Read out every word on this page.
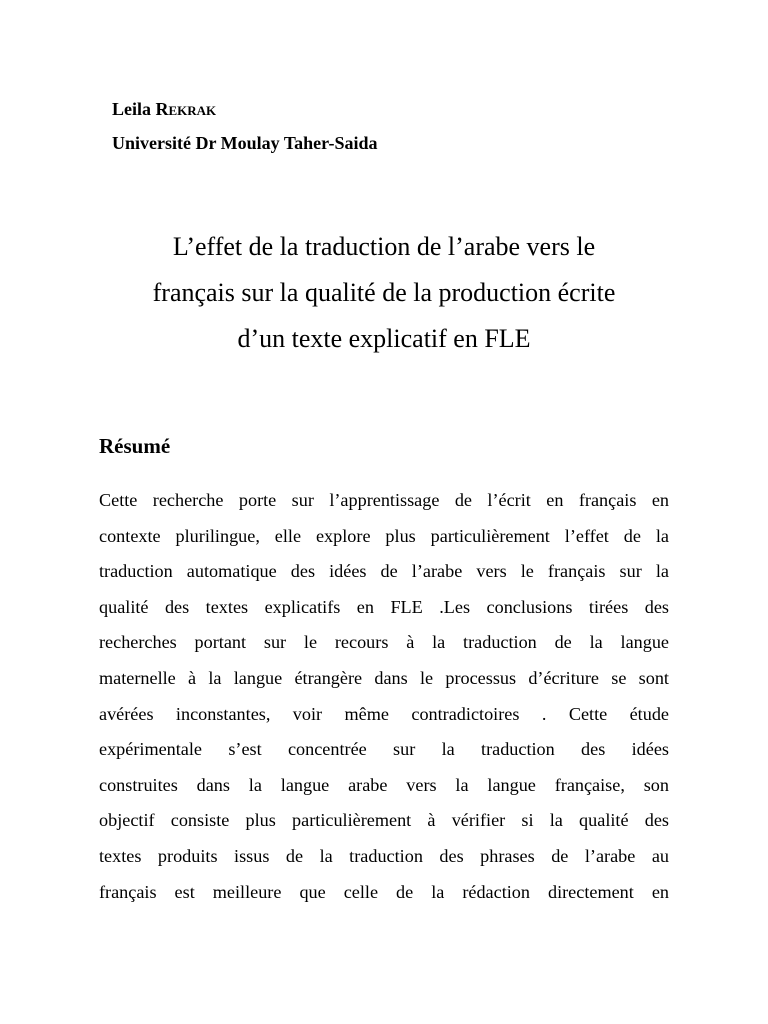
Leila Rekrak
Université Dr Moulay Taher-Saida
L’effet de la traduction de l’arabe vers le
français sur la qualité de la production écrite
d’un texte explicatif en FLE
Résumé
Cette recherche porte sur l’apprentissage de l’écrit en français en
contexte plurilingue, elle explore plus particulièrement l’effet de la
traduction automatique des idées de l’arabe vers le français sur la
qualité des textes explicatifs en FLE .Les conclusions tirées des
recherches portant sur le recours à la traduction de la langue
maternelle à la langue étrangère dans le processus d’écriture se sont
avérées inconstantes, voir même contradictoires . Cette étude
expérimentale s’est concentrée sur la traduction des idées
construites dans la langue arabe vers la langue française, son
objectif consiste plus particulièrement à vérifier si la qualité des
textes produits issus de la traduction des phrases de l’arabe au
français est meilleure que celle de la rédaction directement en
